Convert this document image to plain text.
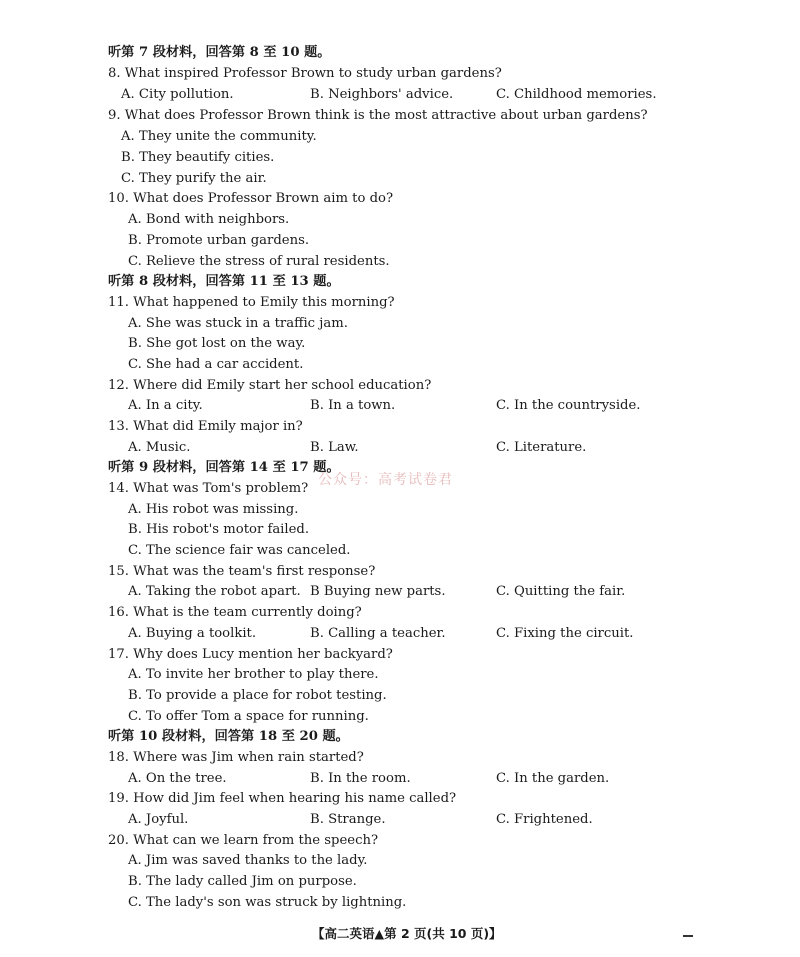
听第 7 段材料，回答第 8 至 10 题。
8. What inspired Professor Brown to study urban gardens?
A. City pollution.	B. Neighbors' advice.	C. Childhood memories.
9. What does Professor Brown think is the most attractive about urban gardens?
A. They unite the community.
B. They beautify cities.
C. They purify the air.
10. What does Professor Brown aim to do?
A. Bond with neighbors.
B. Promote urban gardens.
C. Relieve the stress of rural residents.
听第 8 段材料，回答第 11 至 13 题。
11. What happened to Emily this morning?
A. She was stuck in a traffic jam.
B. She got lost on the way.
C. She had a car accident.
12. Where did Emily start her school education?
A. In a city.	B. In a town.	C. In the countryside.
13. What did Emily major in?
A. Music.	B. Law.	C. Literature.
听第 9 段材料，回答第 14 至 17 题。
公众号：高考试卷君
14. What was Tom's problem?
A. His robot was missing.
B. His robot's motor failed.
C. The science fair was canceled.
15. What was the team's first response?
A. Taking the robot apart. B Buying new parts.	C. Quitting the fair.
16. What is the team currently doing?
A. Buying a toolkit.	B. Calling a teacher.	C. Fixing the circuit.
17. Why does Lucy mention her backyard?
A. To invite her brother to play there.
B. To provide a place for robot testing.
C. To offer Tom a space for running.
听第 10 段材料，回答第 18 至 20 题。
18. Where was Jim when rain started?
A. On the tree.	B. In the room.	C. In the garden.
19. How did Jim feel when hearing his name called?
A. Joyful.	B. Strange.	C. Frightened.
20. What can we learn from the speech?
A. Jim was saved thanks to the lady.
B. The lady called Jim on purpose.
C. The lady's son was struck by lightning.
【高二英语▲第 2 页(共 10 页)】
